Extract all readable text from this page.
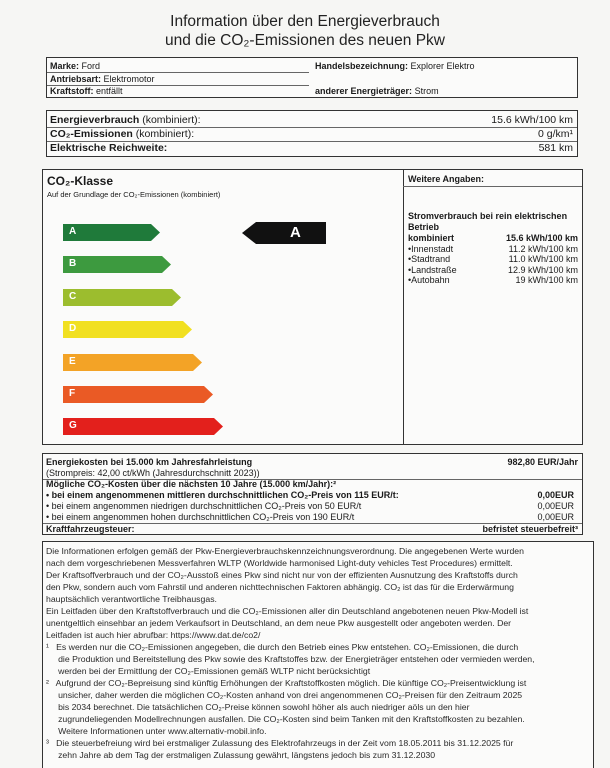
Information über den Energieverbrauch
und die CO₂-Emissionen des neuen Pkw
Marke: Ford	Handelsbezeichnung: Explorer Elektro
Antriebsart: Elektromotor
Kraftstoff: entfällt	anderer Energieträger: Strom
Energieverbrauch (kombiniert):	15.6 kWh/100 km
CO₂-Emissionen (kombiniert):	0 g/km¹
Elektrische Reichweite:	581 km
CO₂-Klasse
Auf der Grundlage der CO₂-Emissionen (kombiniert)
A
B
C
D
E
F
G
Weitere Angaben:
Stromverbrauch bei rein elektrischen
Betrieb
kombiniert	15.6 kWh/100 km
•Innenstadt	11.2 kWh/100 km
•Stadtrand	11.0 kWh/100 km
•Landstraße	12.9 kWh/100 km
•Autobahn	19 kWh/100 km
A
Energiekosten bei 15.000 km Jahresfahrleistung	982,80 EUR/Jahr
(Strompreis: 42,00 ct/kWh (Jahresdurchschnitt 2023))
Mögliche CO₂-Kosten über die nächsten 10 Jahre (15.000 km/Jahr):²
• bei einem angenommenen mittleren durchschnittlichen CO₂-Preis von 115 EUR/t:	0,00EUR
• bei einem angenommen niedrigen durchschnittlichen CO₂-Preis von 50 EUR/t	0,00EUR
• bei einem angenommen hohen durchschnittlichen CO₂-Preis von 190 EUR/t	0,00EUR
Kraftfahrzeugsteuer:	befristet steuerbefreit³
Die Informationen erfolgen gemäß der Pkw-Energieverbrauchskennzeichnungsverordnung. Die angegebenen Werte wurden
nach dem vorgeschriebenen Messverfahren WLTP (Worldwide harmonised Light-duty vehicles Test Procedures) ermittelt.
Der Kraftsoffverbrauch und der CO₂-Ausstoß eines Pkw sind nicht nur von der effizienten Ausnutzung des Kraftstoffs durch
den Pkw, sondern auch vom Fahrstil und anderen nichttechnischen Faktoren abhängig. CO₂ ist das für die Erderwärmung
hauptsächlich verantwortliche Treibhausgas.
Ein Leitfaden über den Kraftstoffverbrauch und die CO₂-Emissionen aller din Deutschland angebotenen neuen Pkw-Modell ist
unentgeltlich einsehbar an jedem Verkaufsort in Deutschland, an dem neue Pkw ausgestellt oder angeboten werden. Der
Leitfaden ist auch hier abrufbar: https://www.dat.de/co2/
¹   Es werden nur die CO₂-Emissionen angegeben, die durch den Betrieb eines Pkw entstehen. CO₂-Emissionen, die durch
die Produktion und Bereitstellung des Pkw sowie des Kraftstoffes bzw. der Energieträger entstehen oder vermieden werden,
werden bei der Ermittlung der CO₂-Emissionen gemäß WLTP nicht berücksichtigt
²   Aufgrund der CO₂-Bepreisung sind künftig Erhöhungen der Kraftstoffkosten möglich. Die künftige CO₂-Preisentwicklung ist
unsicher, daher werden die möglichen CO₂-Kosten anhand von drei angenommenen CO₂-Preisen für den Zeitraum 2025
bis 2034 berechnet. Die tatsächlichen CO₂-Preise können sowohl höher als auch niedriger aöls un den hier
zugrundeliegenden Modellrechnungen ausfallen. Die CO₂-Kosten sind beim Tanken mit den Kraftstoffkosten zu bezahlen.
Weitere Informationen unter www.alternativ-mobil.info.
³   Die steuerbefreiung wird bei erstmaliger Zulassung des Elektrofahrzeugs in der Zeit vom 18.05.2011 bis 31.12.2025 für
zehn Jahre ab dem Tag der erstmaligen Zulassung gewährt, längstens jedoch bis zum 31.12.2030
